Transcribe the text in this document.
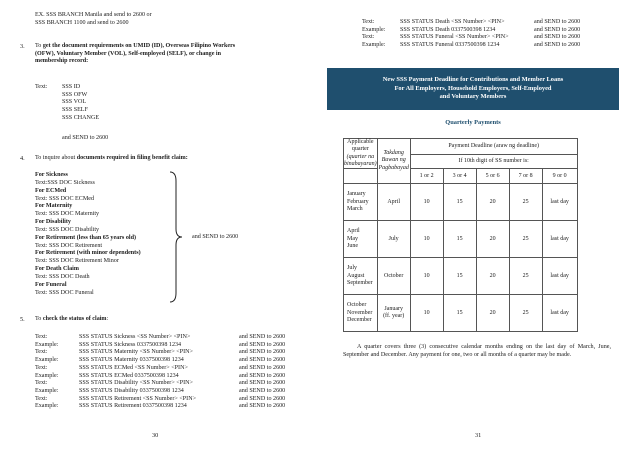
EX. SSS BRANCH Manila and send to 2600 or
SSS BRANCH 1100 and send to 2600
3. To get the document requirements on UMID (ID), Overseas Filipino Workers
(OFW), Voluntary Member (VOL), Self-employed (SELF), or change in
membership record:
Text: SSS ID
SSS OFW
SSS VOL
SSS SELF
SSS CHANGE
and SEND to 2600
4. To inquire about documents required in filing benefit claim:
For Sickness
Text:SSS DOC Sickness
For ECMed
Text: SSS DOC ECMed
For Maternity
Text: SSS DOC Maternity
For Disability
Text: SSS DOC Disability
For Retirement (less than 65 years old)
Text: SSS DOC Retirement
For Retirement (with minor dependents)
Text: SSS DOC Retirement Minor
For Death Claim
Text: SSS DOC Death
For Funeral
Text: SSS DOC Funeral
and SEND to 2600
5. To check the status of claim:
Text:	SSS STATUS Sickness <SS Number> <PIN>	and SEND to 2600
Example:	SSS STATUS Sickness 0337500398 1234	and SEND to 2600
Text:	SSS STATUS Maternity <SS Number> <PIN>	and SEND to 2600
Example:	SSS STATUS Maternity 0337500398 1234	and SEND to 2600
Text:	SSS STATUS ECMed <SS Number> <PIN>	and SEND to 2600
Example:	SSS STATUS ECMed 0337500398 1234	and SEND to 2600
Text:	SSS STATUS Disability <SS Number> <PIN>	and SEND to 2600
Example:	SSS STATUS Disability 0337500398 1234	and SEND to 2600
Text:	SSS STATUS Retirement <SS Number> <PIN>	and SEND to 2600
Example:	SSS STATUS Retirement 0337500398 1234	and SEND to 2600
30
Text:	SSS STATUS Death <SS Number> <PIN>	and SEND to 2600
Example: SSS STATUS Death 0337500398 1234	and SEND to 2600
Text:	SSS STATUS Funeral <SS Number> <PIN>	and SEND to 2600
Example: SSS STATUS Funeral 0337500398 1234	and SEND to 2600
New SSS Payment Deadline for Contributions and Member Loans
For All Employers, Household Employers, Self-Employed
and Voluntary Members
Quarterly Payments
Applicable
quarter
(quarter na
binabayaran)	Takdang
Buwan ng
Pagbabayad	Payment Deadline (araw ng deadline)				
		If 10th digit of SS number is:				
		1 or 2	3 or 4	5 or 6	7 or 8	9 or 0

January
February
March	April	10	15	20	25	last day

April
May
June	July	10	15	20	25	last day

July
August
September	October	10	15	20	25	last day

October
November
December	January
(ff. year)	10	15	20	25	last day
A quarter covers three (3) consecutive calendar months ending on the last day of March, June, September and December. Any payment for one, two or all months of a quarter may be made.
31
